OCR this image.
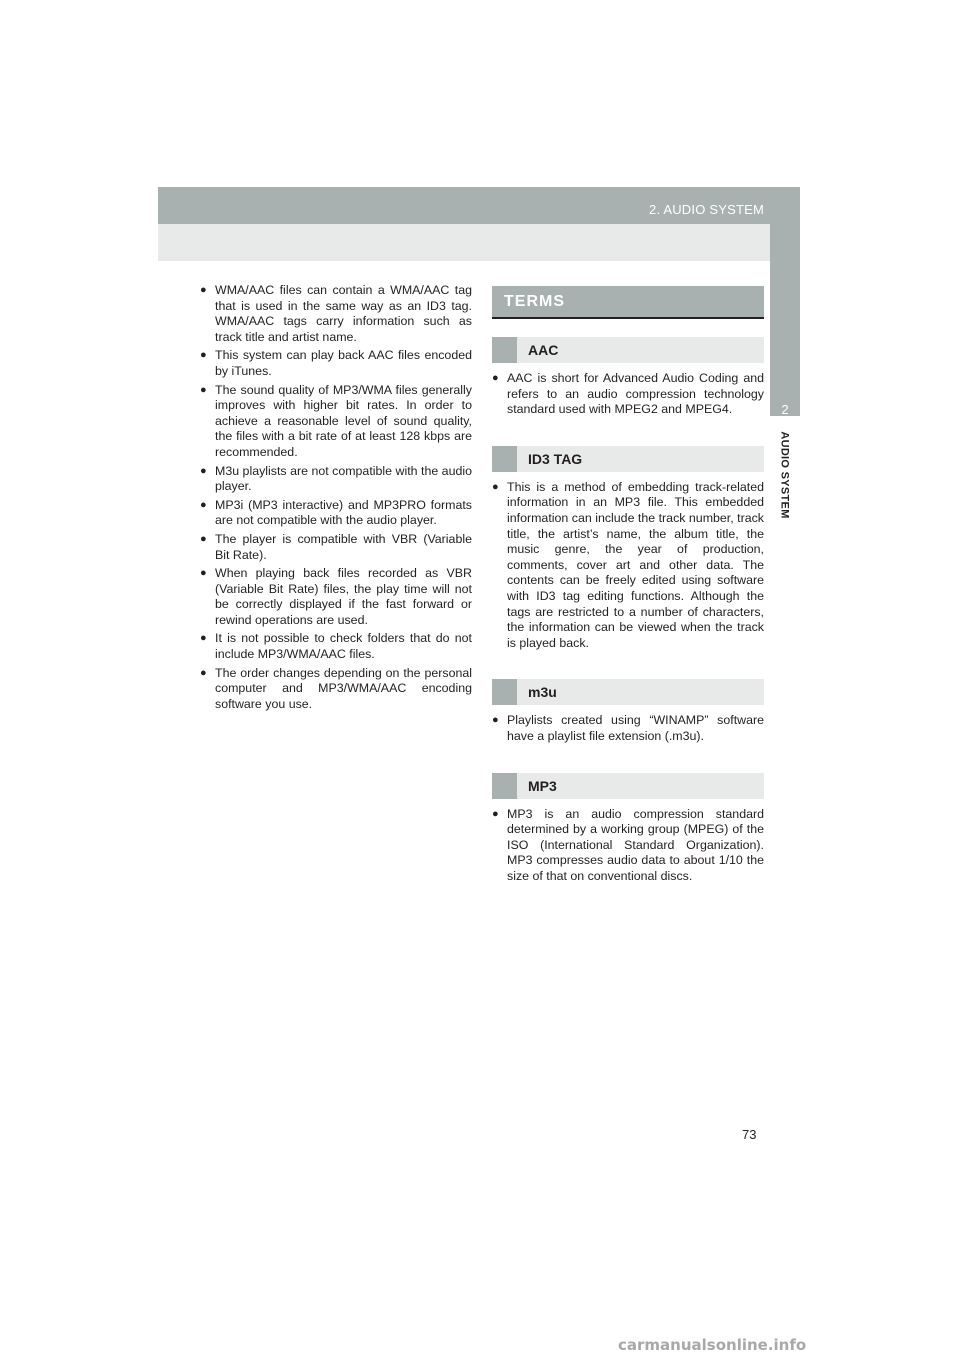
2. AUDIO SYSTEM
2
AUDIO SYSTEM

● WMA/AAC files can contain a WMA/AAC tag that is used in the same way as an ID3 tag. WMA/AAC tags carry information such as track title and artist name.

● This system can play back AAC files encoded by iTunes.

● The sound quality of MP3/WMA files generally improves with higher bit rates. In order to achieve a reasonable level of sound quality, the files with a bit rate of at least 128 kbps are recommended.

● M3u playlists are not compatible with the audio player.

● MP3i (MP3 interactive) and MP3PRO formats are not compatible with the audio player.

● The player is compatible with VBR (Variable Bit Rate).

● When playing back files recorded as VBR (Variable Bit Rate) files, the play time will not be correctly displayed if the fast forward or rewind operations are used.

● It is not possible to check folders that do not include MP3/WMA/AAC files.

● The order changes depending on the personal computer and MP3/WMA/AAC encoding software you use.

TERMS
AAC

● AAC is short for Advanced Audio Coding and refers to an audio compression technology standard used with MPEG2 and MPEG4.

ID3 TAG

● This is a method of embedding track-related information in an MP3 file. This embedded information can include the track number, track title, the artist’s name, the album title, the music genre, the year of production, comments, cover art and other data. The contents can be freely edited using software with ID3 tag editing functions. Although the tags are restricted to a number of characters, the information can be viewed when the track is played back.

m3u

● Playlists created using “WINAMP” software have a playlist file extension (.m3u).

MP3

● MP3 is an audio compression standard determined by a working group (MPEG) of the ISO (International Standard Organization). MP3 compresses audio data to about 1/10 the size of that on conventional discs.

73
carmanualsonline.info
